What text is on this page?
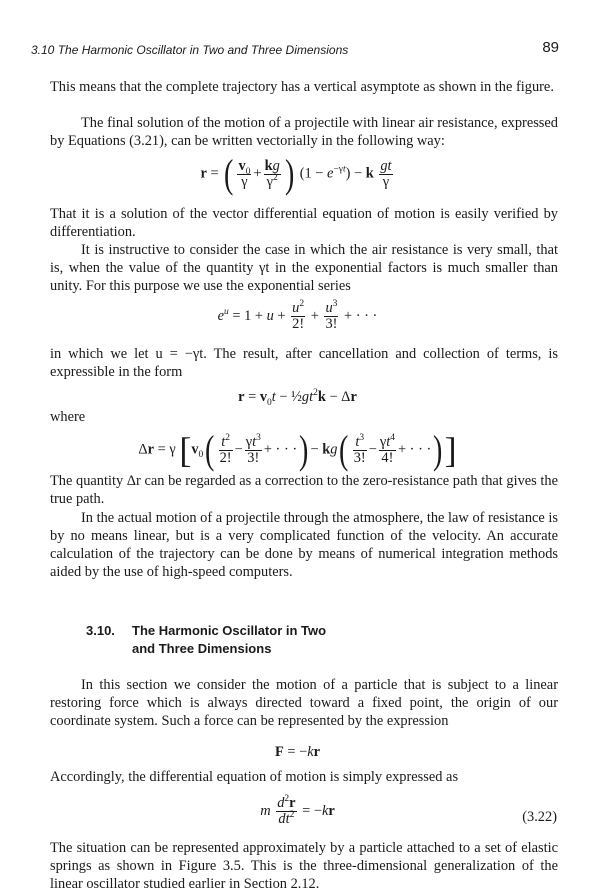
3.10 The Harmonic Oscillator in Two and Three Dimensions	89

This means that the complete trajectory has a vertical asymptote as shown in the figure.

The final solution of the motion of a projectile with linear air resistance, expressed by Equations (3.21), can be written vectorially in the following way:

r = ( $\frac{v_0}{\gamma} + \frac{kg}{\gamma^2}$ ) $(1 - e^{-\gamma t}) - k \frac{gt}{\gamma}$

That it is a solution of the vector differential equation of motion is easily verified by differentiation.

It is instructive to consider the case in which the air resistance is very small, that is, when the value of the quantity γt in the exponential factors is much smaller than unity. For this purpose we use the exponential series

$e^u = 1 + u + \frac{u^2}{2!} + \frac{u^3}{3!}$ + · · ·

in which we let u = −γt. The result, after cancellation and collection of terms, is expressible in the form

$r = v_0t$ − $\frac{1}{2}gt^2k - \Delta r$

where

Δr = γ [$v_0( \frac{t^2}{2!} - \frac{\gamma t^3}{3!}$ + · · ·) − $kg( \frac{t^3}{3!} - \frac{\gamma t^4}{4!}$ + · · ·)]

The quantity Δr can be regarded as a correction to the zero-resistance path that gives the true path.

In the actual motion of a projectile through the atmosphere, the law of resistance is by no means linear, but is a very complicated function of the velocity. An accurate calculation of the trajectory can be done by means of numerical integration methods aided by the use of high-speed computers.

3.10. The Harmonic Oscillator in Two
and Three Dimensions

In this section we consider the motion of a particle that is subject to a linear restoring force which is always directed toward a fixed point, the origin of our coordinate system. Such a force can be represented by the expression

F = −kr

Accordingly, the differential equation of motion is simply expressed as

m $\frac{d^2r}{dt^2} = -kr$	(3.22)

The situation can be represented approximately by a particle attached to a set of elastic springs as shown in Figure 3.5. This is the three-dimensional generalization of the linear oscillator studied earlier in Section 2.12.
